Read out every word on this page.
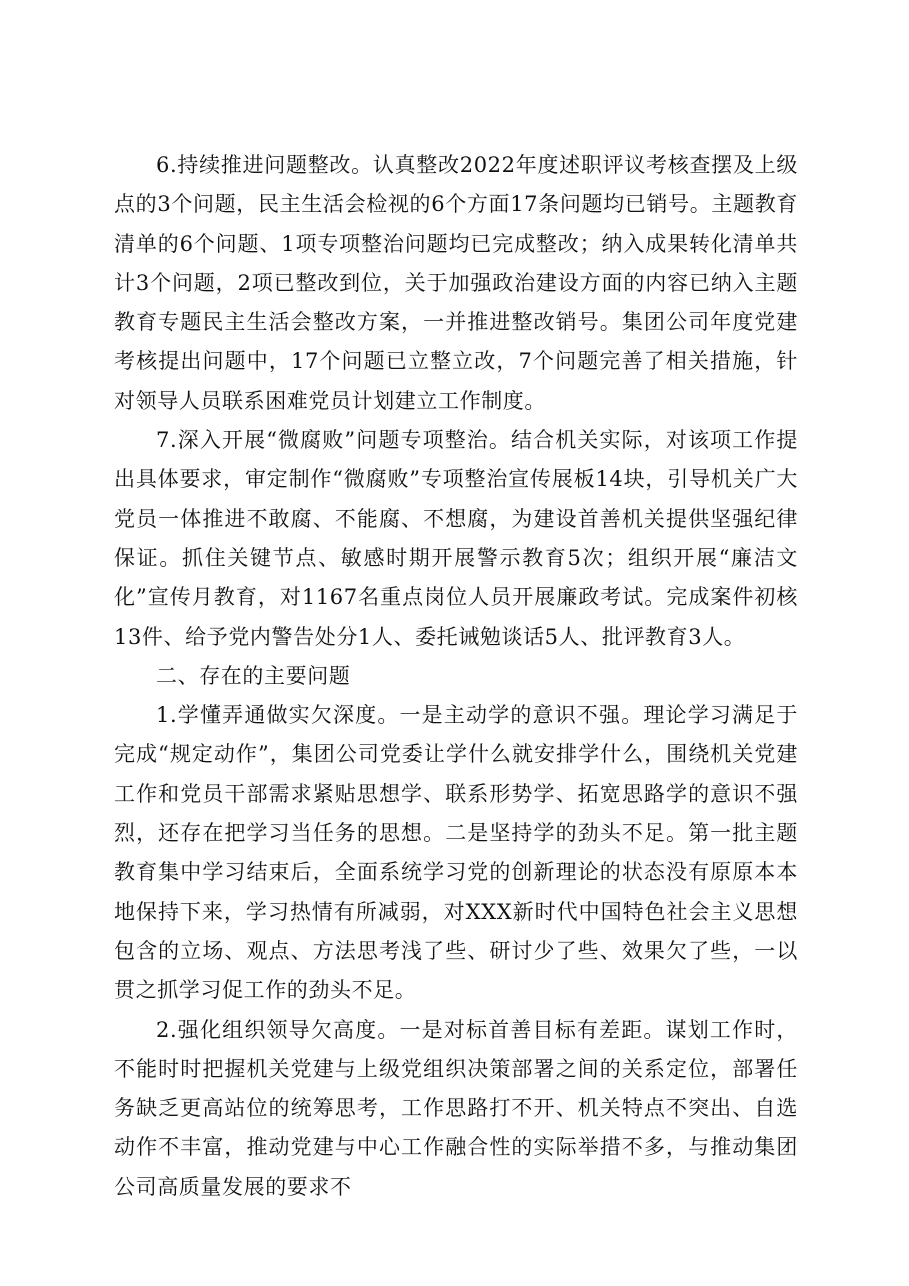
6.持续推进问题整改。认真整改2022年度述职评议考核查摆及上级点的3个问题，民主生活会检视的6个方面17条问题均已销号。主题教育清单的6个问题、1项专项整治问题均已完成整改；纳入成果转化清单共计3个问题，2项已整改到位，关于加强政治建设方面的内容已纳入主题教育专题民主生活会整改方案，一并推进整改销号。集团公司年度党建考核提出问题中，17个问题已立整立改，7个问题完善了相关措施，针对领导人员联系困难党员计划建立工作制度。

7.深入开展“微腐败”问题专项整治。结合机关实际，对该项工作提出具体要求，审定制作“微腐败”专项整治宣传展板14块，引导机关广大党员一体推进不敢腐、不能腐、不想腐，为建设首善机关提供坚强纪律保证。抓住关键节点、敏感时期开展警示教育5次；组织开展“廉洁文化”宣传月教育，对1167名重点岗位人员开展廉政考试。完成案件初核13件、给予党内警告处分1人、委托诫勉谈话5人、批评教育3人。

二、存在的主要问题

1.学懂弄通做实欠深度。一是主动学的意识不强。理论学习满足于完成“规定动作”，集团公司党委让学什么就安排学什么，围绕机关党建工作和党员干部需求紧贴思想学、联系形势学、拓宽思路学的意识不强烈，还存在把学习当任务的思想。二是坚持学的劲头不足。第一批主题教育集中学习结束后，全面系统学习党的创新理论的状态没有原原本本地保持下来，学习热情有所减弱，对XXX新时代中国特色社会主义思想包含的立场、观点、方法思考浅了些、研讨少了些、效果欠了些，一以贯之抓学习促工作的劲头不足。

2.强化组织领导欠高度。一是对标首善目标有差距。谋划工作时，不能时时把握机关党建与上级党组织决策部署之间的关系定位，部署任务缺乏更高站位的统筹思考，工作思路打不开、机关特点不突出、自选动作不丰富，推动党建与中心工作融合性的实际举措不多，与推动集团公司高质量发展的要求不
